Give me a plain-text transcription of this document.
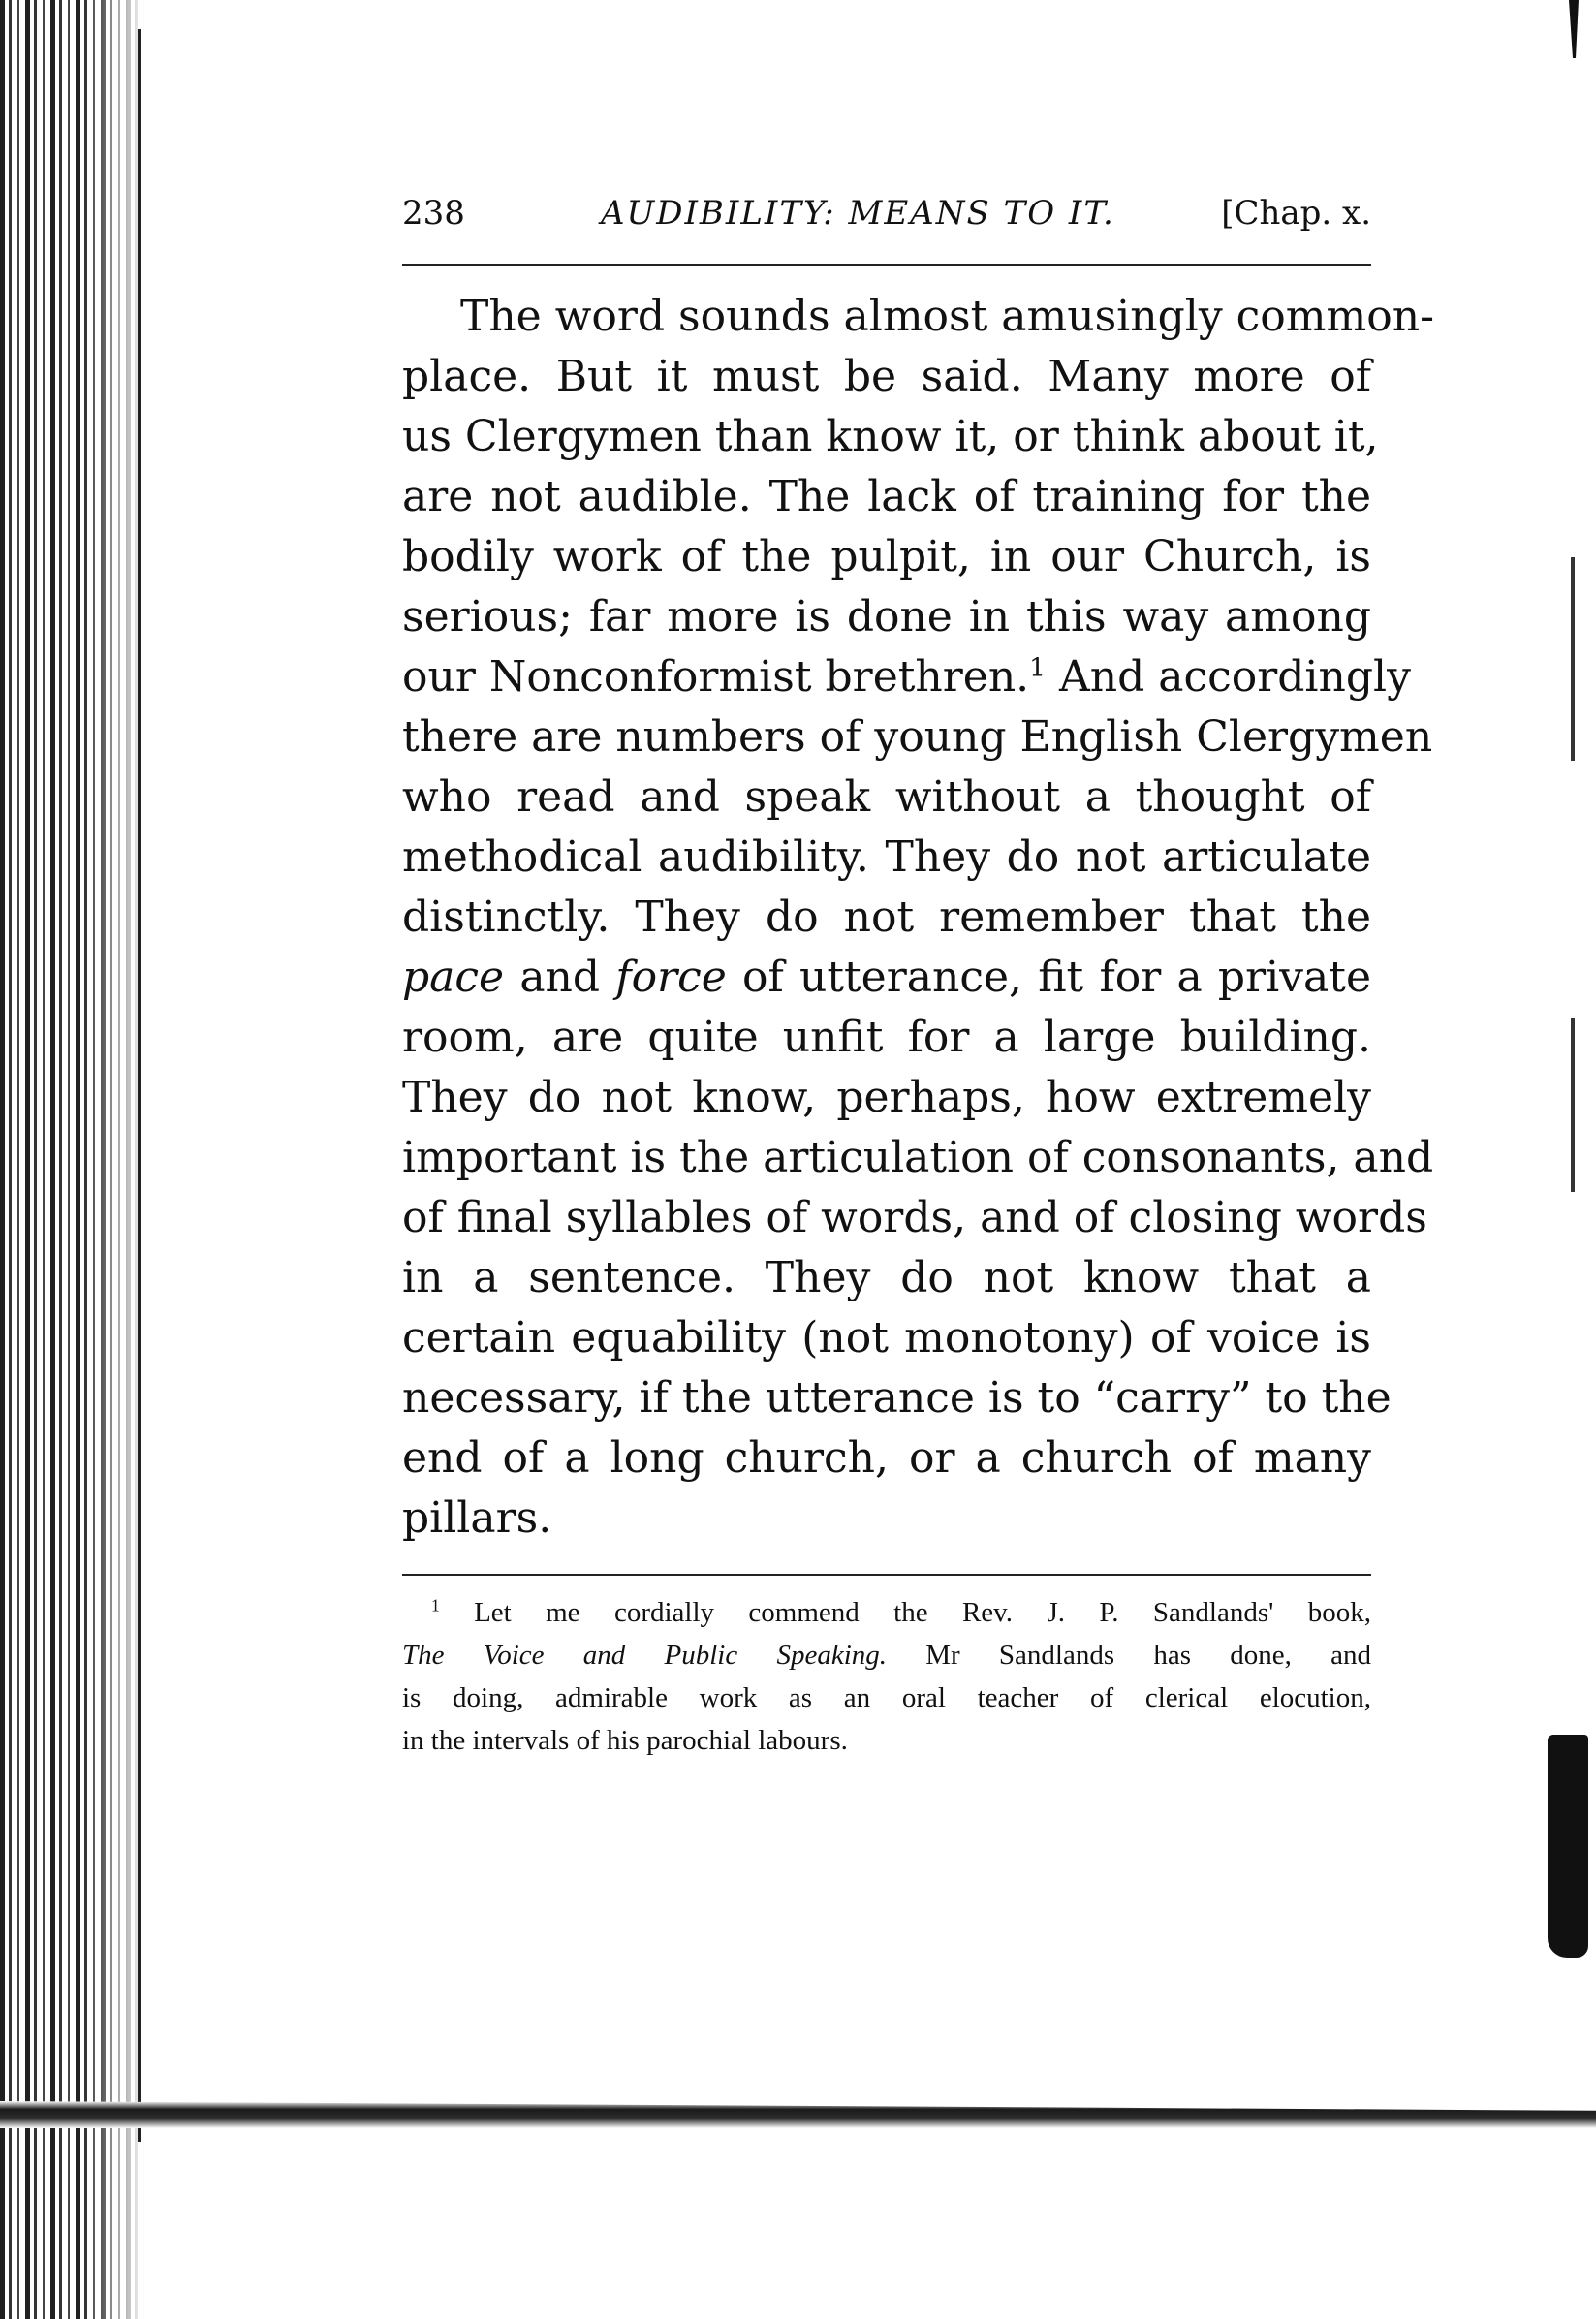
238	AUDIBILITY: MEANS TO IT.	[Chap. x.
The word sounds almost amusingly common-
place. But it must be said. Many more of
us Clergymen than know it, or think about it,
are not audible. The lack of training for the
bodily work of the pulpit, in our Church, is
serious; far more is done in this way among
our Nonconformist brethren.$^1$ And accordingly
there are numbers of young English Clergymen
who read and speak without a thought of
methodical audibility. They do not articulate
distinctly. They do not remember that the
pace and force of utterance, fit for a private
room, are quite unfit for a large building.
They do not know, perhaps, how extremely
important is the articulation of consonants, and
of final syllables of words, and of closing words
in a sentence. They do not know that a
certain equability (not monotony) of voice is
necessary, if the utterance is to “carry” to the
end of a long church, or a church of many
pillars.
$^1$ Let me cordially commend the Rev. J. P. Sandlands' book,
The Voice and Public Speaking. Mr Sandlands has done, and
is doing, admirable work as an oral teacher of clerical elocution,
in the intervals of his parochial labours.
